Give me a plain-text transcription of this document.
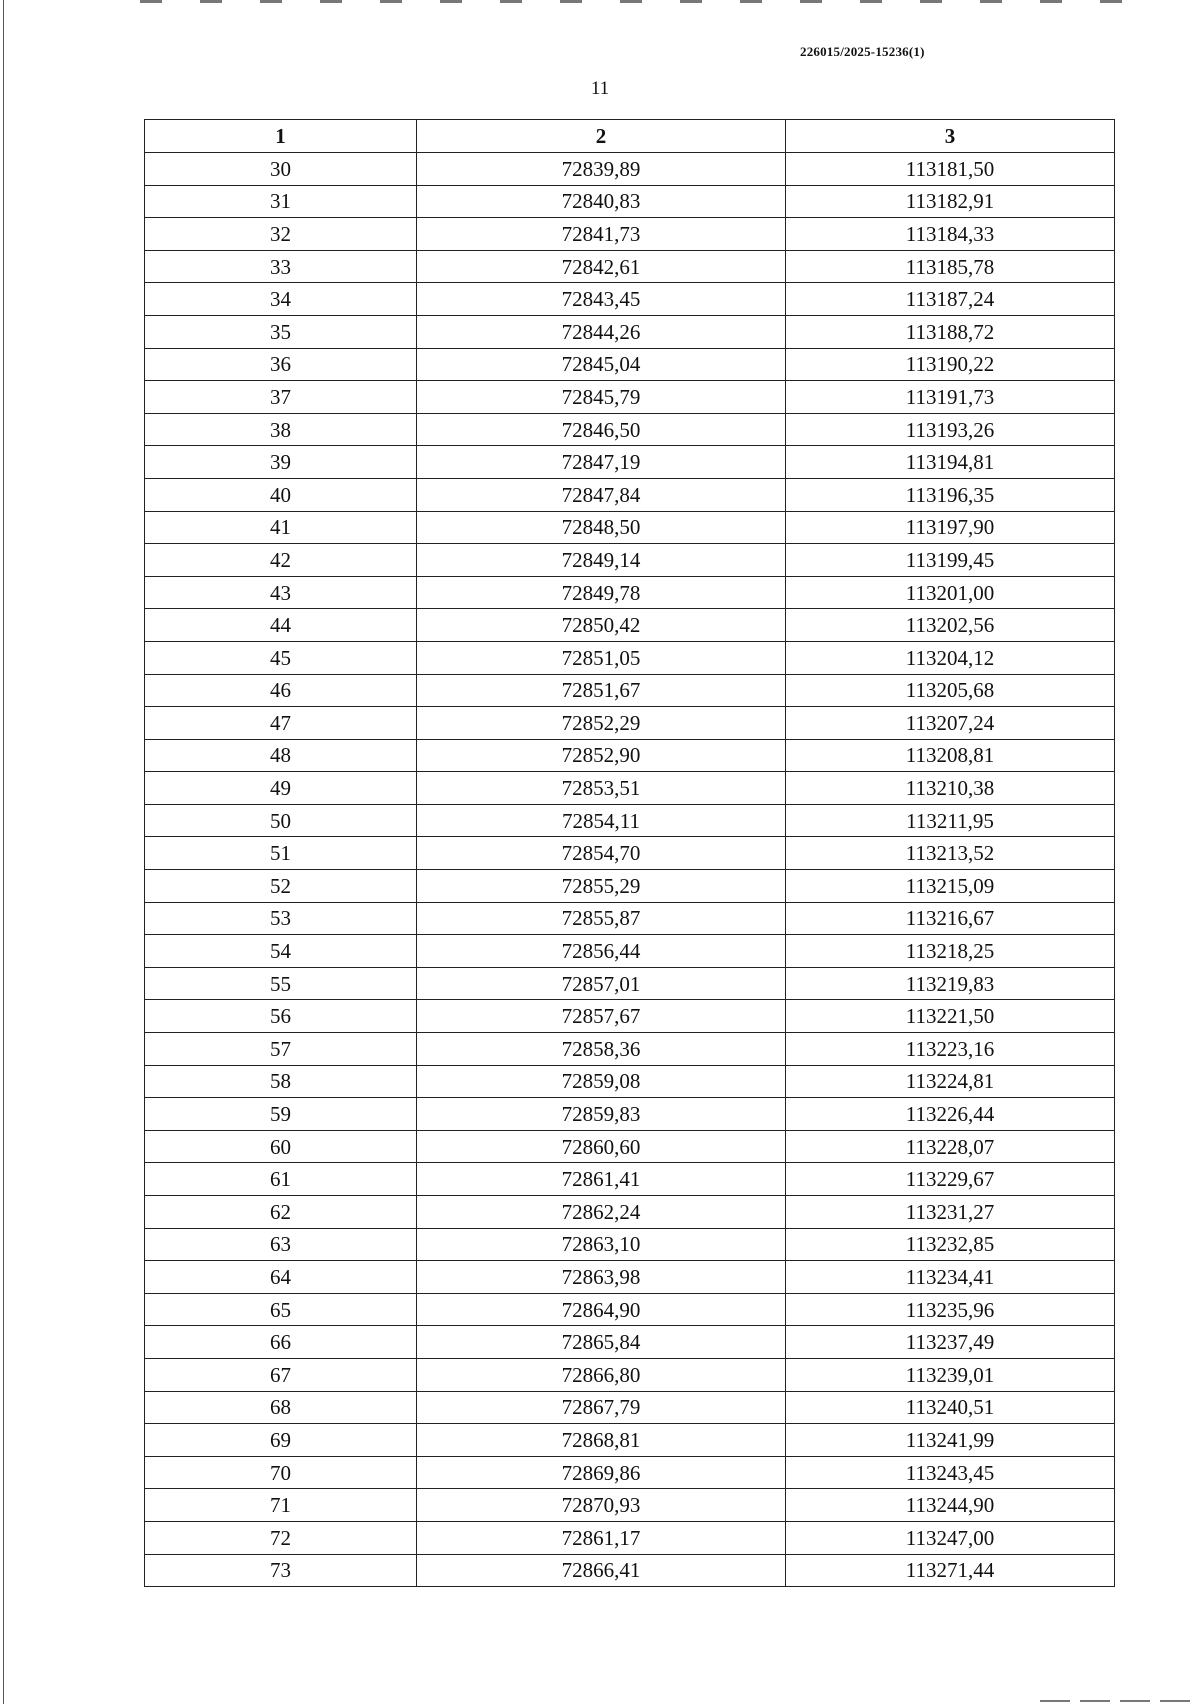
226015/2025-15236(1)
11
1	2	3
30	72839,89	113181,50
31	72840,83	113182,91
32	72841,73	113184,33
33	72842,61	113185,78
34	72843,45	113187,24
35	72844,26	113188,72
36	72845,04	113190,22
37	72845,79	113191,73
38	72846,50	113193,26
39	72847,19	113194,81
40	72847,84	113196,35
41	72848,50	113197,90
42	72849,14	113199,45
43	72849,78	113201,00
44	72850,42	113202,56
45	72851,05	113204,12
46	72851,67	113205,68
47	72852,29	113207,24
48	72852,90	113208,81
49	72853,51	113210,38
50	72854,11	113211,95
51	72854,70	113213,52
52	72855,29	113215,09
53	72855,87	113216,67
54	72856,44	113218,25
55	72857,01	113219,83
56	72857,67	113221,50
57	72858,36	113223,16
58	72859,08	113224,81
59	72859,83	113226,44
60	72860,60	113228,07
61	72861,41	113229,67
62	72862,24	113231,27
63	72863,10	113232,85
64	72863,98	113234,41
65	72864,90	113235,96
66	72865,84	113237,49
67	72866,80	113239,01
68	72867,79	113240,51
69	72868,81	113241,99
70	72869,86	113243,45
71	72870,93	113244,90
72	72861,17	113247,00
73	72866,41	113271,44
